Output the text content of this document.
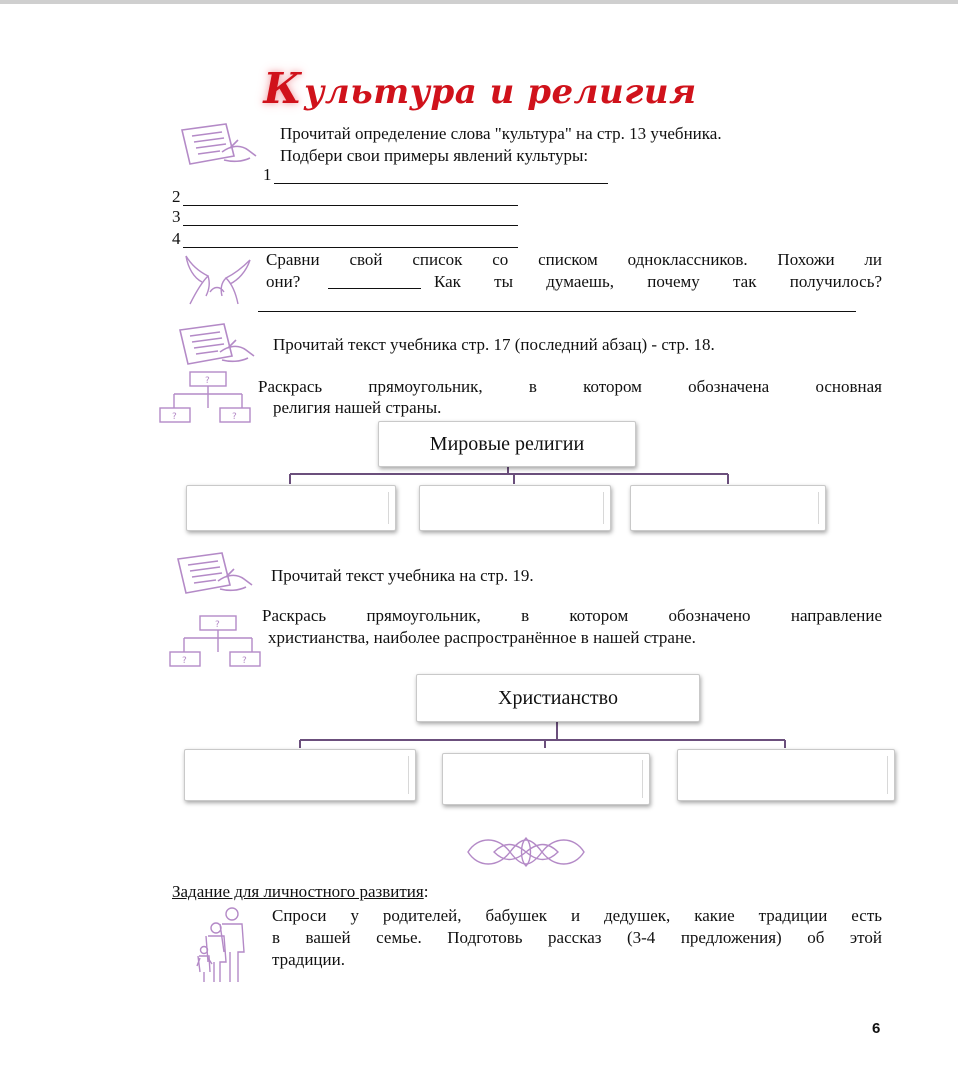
Культура и религия
Прочитай определение слова "культура" на стр. 13 учебника.
Подбери свои примеры явлений культуры:
1
2
3
4
Сравни свой список со списком одноклассников. Похожи ли
они?	Как ты думаешь, почему так получилось?
Прочитай текст учебника стр. 17 (последний абзац) - стр. 18.
?
?	?
Раскрась прямоугольник, в котором обозначена основная
религия нашей страны.
Мировые религии
Прочитай текст учебника на стр. 19.
?
?	?
Раскрась прямоугольник, в котором обозначено направление
христианства, наиболее распространённое в нашей стране.
Христианство
Задание для личностного развития:
Спроси у родителей, бабушек и дедушек, какие традиции есть
в вашей семье. Подготовь рассказ (3-4 предложения) об этой
традиции.
6
